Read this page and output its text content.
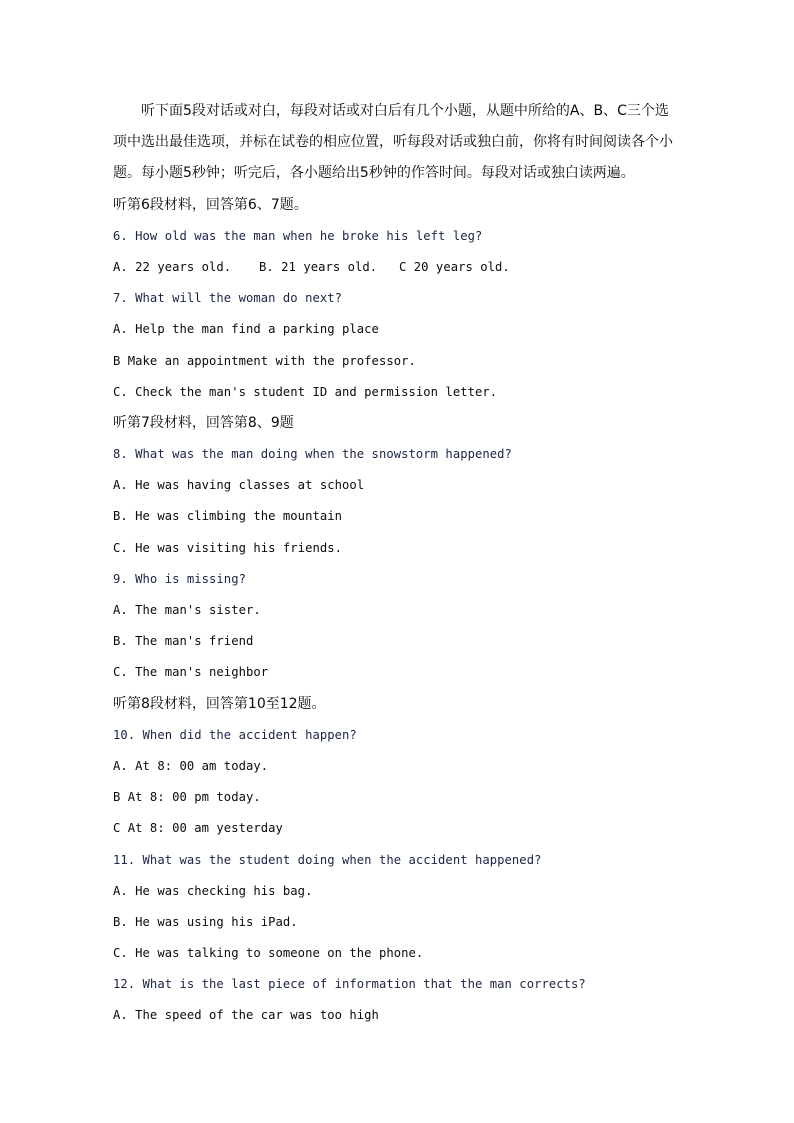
听下面5段对话或对白，每段对话或对白后有几个小题，从题中所给的A、B、C三个选

项中选出最佳选项，并标在试卷的相应位置，听每段对话或独白前，你将有时间阅读各个小

题。每小题5秒钟；听完后，各小题给出5秒钟的作答时间。每段对话或独白读两遍。

听第6段材料，回答第6、7题。

6. How old was the man when he broke his left leg?

A. 22 years old. B. 21 years old. C 20 years old.

7. What will the woman do next?

A. Help the man find a parking place

B Make an appointment with the professor.

C. Check the man's student ID and permission letter.

听第7段材料，回答第8、9题

8. What was the man doing when the snowstorm happened?

A. He was having classes at school

B. He was climbing the mountain

C. He was visiting his friends.

9. Who is missing?

A. The man's sister.

B. The man's friend

C. The man's neighbor

听第8段材料，回答第10至12题。

10. When did the accident happen?

A. At 8: 00 am today.

B At 8: 00 pm today.

C At 8: 00 am yesterday

11. What was the student doing when the accident happened?

A. He was checking his bag.

B. He was using his iPad.

C. He was talking to someone on the phone.

12. What is the last piece of information that the man corrects?

A. The speed of the car was too high
